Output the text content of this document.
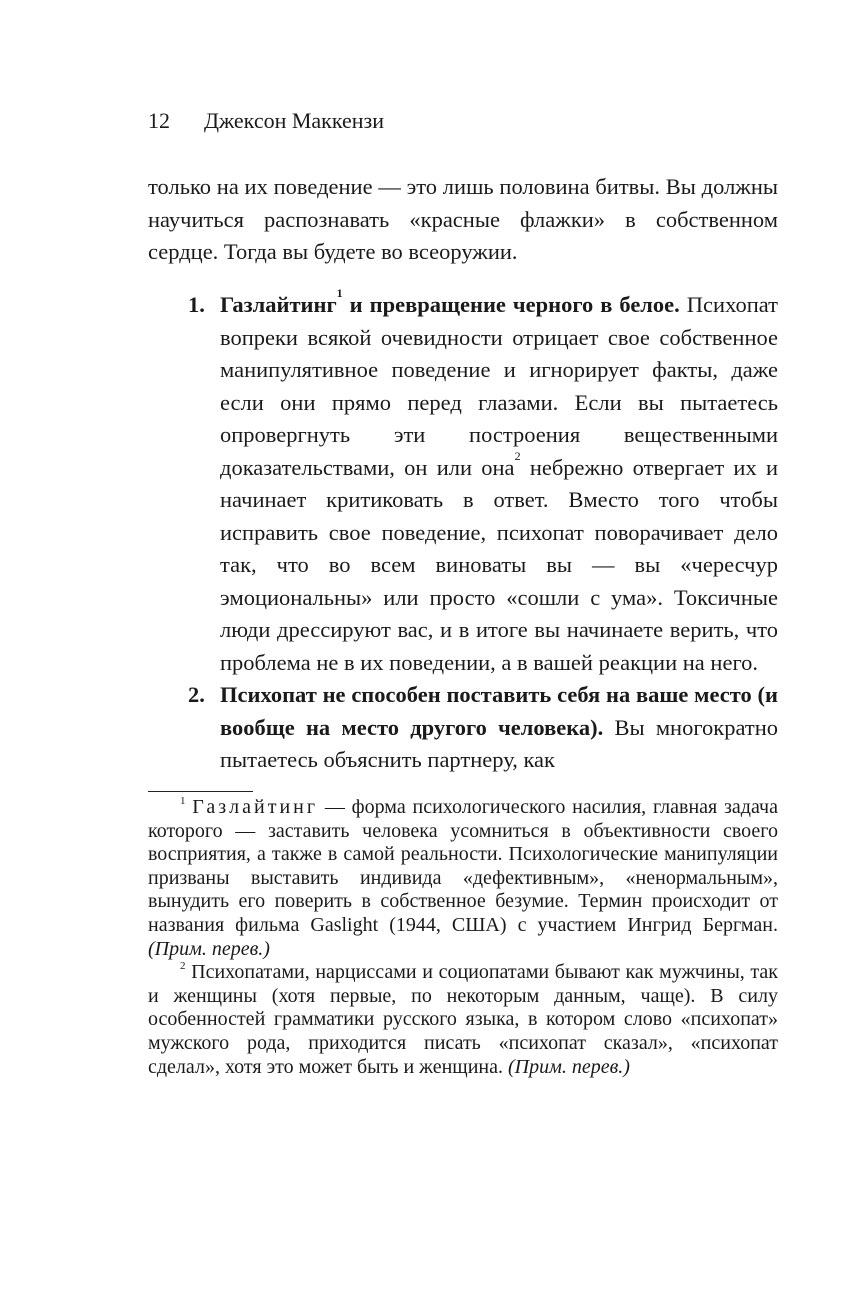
12 Джексон Маккензи

только на их поведение — это лишь половина битвы. Вы должны научиться распознавать «красные флажки» в собственном сердце. Тогда вы будете во всеоружии.

1. Газлайтинг$^1$ и превращение черного в белое. Психопат вопреки всякой очевидности отрицает свое собственное манипулятивное поведение и игнорирует факты, даже если они прямо перед глазами. Если вы пытаетесь опровергнуть эти построения вещественными доказательствами, он или она$^2$ небрежно отвергает их и начинает критиковать в ответ. Вместо того чтобы исправить свое поведение, психопат поворачивает дело так, что во всем виноваты вы — вы «чересчур эмоциональны» или просто «сошли с ума». Токсичные люди дрессируют вас, и в итоге вы начинаете верить, что проблема не в их поведении, а в вашей реакции на него.

2. Психопат не способен поставить себя на ваше место (и вообще на место другого человека). Вы многократно пытаетесь объяснить партнеру, как

$^1$ Газлайтинг — форма психологического насилия, главная задача которого — заставить человека усомниться в объективности своего восприятия, а также в самой реальности. Психологические манипуляции призваны выставить индивида «дефективным», «ненормальным», вынудить его поверить в собственное безумие. Термин происходит от названия фильма Gaslight (1944, США) с участием Ингрид Бергман. (Прим. перев.)

$^2$ Психопатами, нарциссами и социопатами бывают как мужчины, так и женщины (хотя первые, по некоторым данным, чаще). В силу особенностей грамматики русского языка, в котором слово «психопат» мужского рода, приходится писать «психопат сказал», «психопат сделал», хотя это может быть и женщина. (Прим. перев.)
